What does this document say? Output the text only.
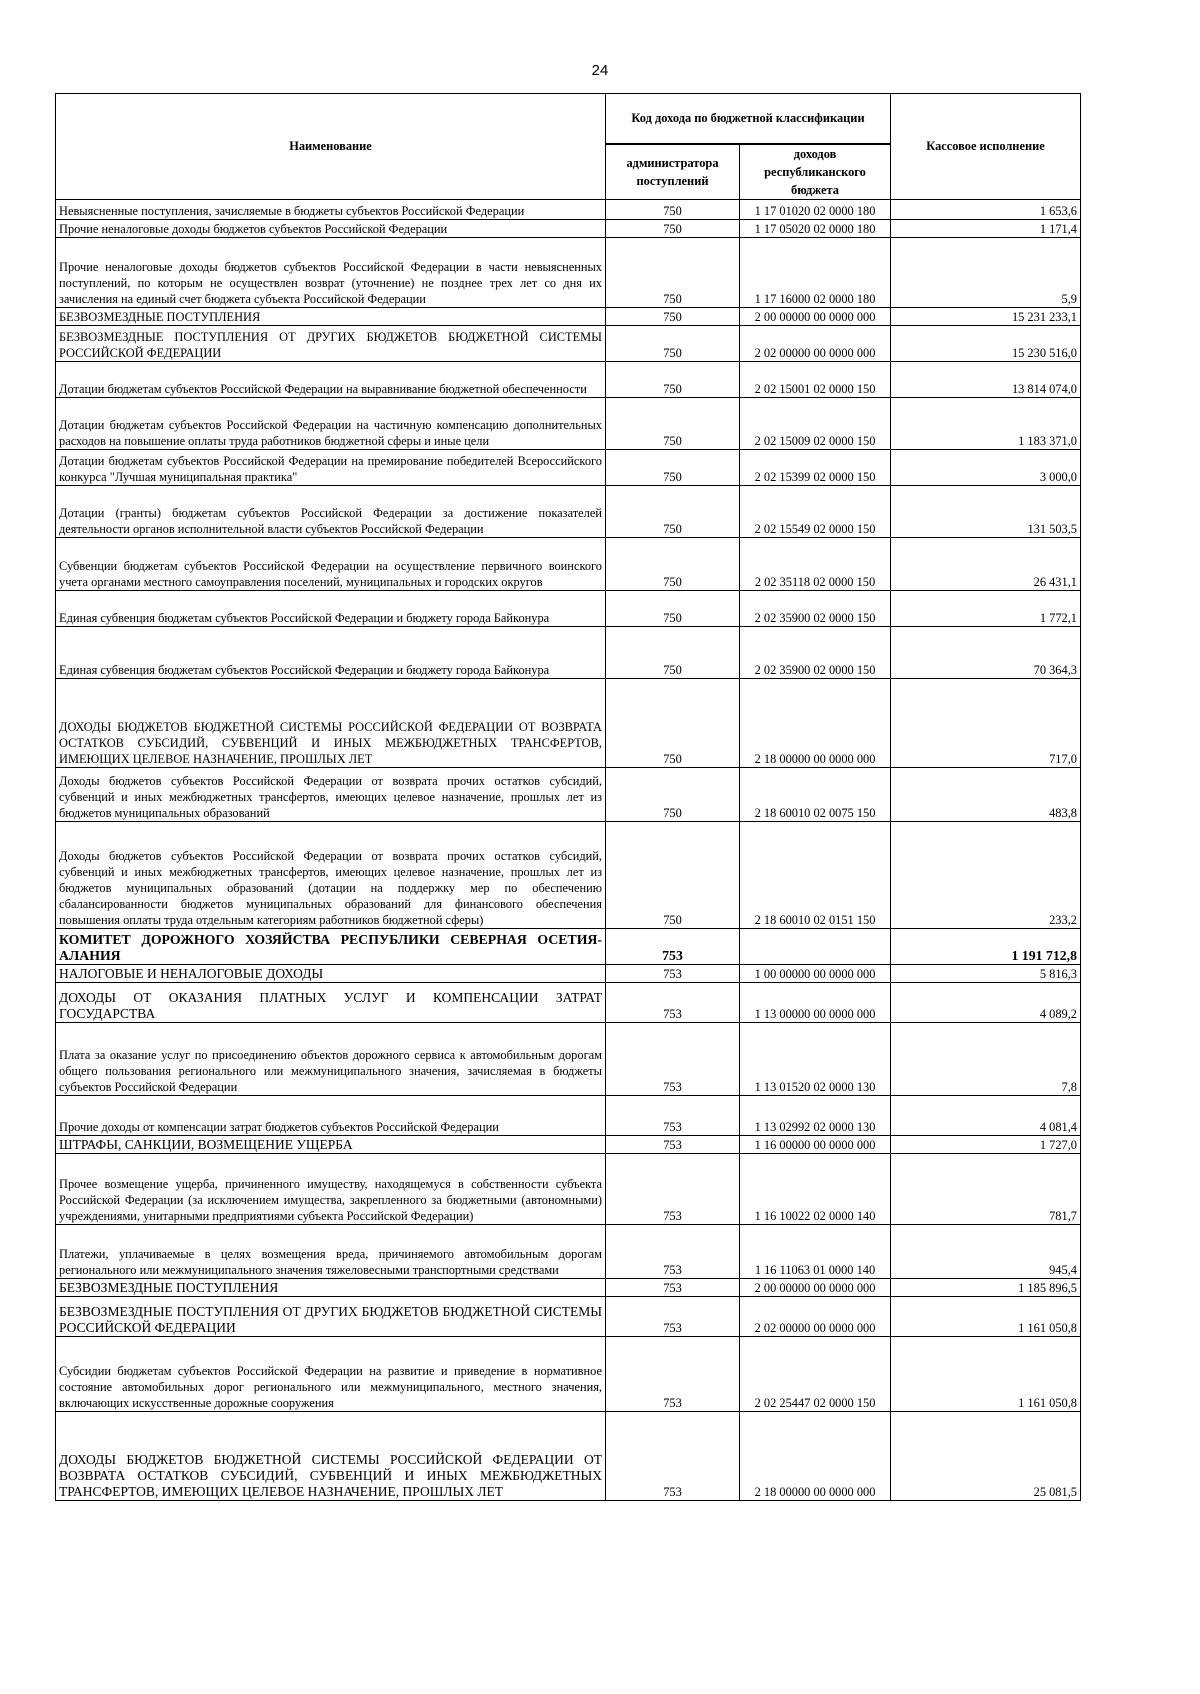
24
Наименование	Код дохода по бюджетной классификации		Кассовое исполнение
	администратора поступлений	доходов республиканского бюджета	
Невыясненные поступления, зачисляемые в бюджеты субъектов Российской Федерации	750	1 17 01020 02 0000 180	1 653,6
Прочие неналоговые доходы бюджетов субъектов Российской Федерации	750	1 17 05020 02 0000 180	1 171,4
Прочие неналоговые доходы бюджетов субъектов Российской Федерации в части невыясненных поступлений, по которым не осуществлен возврат (уточнение) не позднее трех лет со дня их зачисления на единый счет бюджета субъекта Российской Федерации	750	1 17 16000 02 0000 180	5,9
БЕЗВОЗМЕЗДНЫЕ ПОСТУПЛЕНИЯ	750	2 00 00000 00 0000 000	15 231 233,1
БЕЗВОЗМЕЗДНЫЕ ПОСТУПЛЕНИЯ ОТ ДРУГИХ БЮДЖЕТОВ БЮДЖЕТНОЙ СИСТЕМЫ РОССИЙСКОЙ ФЕДЕРАЦИИ	750	2 02 00000 00 0000 000	15 230 516,0
Дотации бюджетам субъектов Российской Федерации на выравнивание бюджетной обеспеченности	750	2 02 15001 02 0000 150	13 814 074,0
Дотации бюджетам субъектов Российской Федерации на частичную компенсацию дополнительных расходов на повышение оплаты труда работников бюджетной сферы и иные цели	750	2 02 15009 02 0000 150	1 183 371,0
Дотации бюджетам субъектов Российской Федерации на премирование победителей Всероссийского конкурса "Лучшая муниципальная практика"	750	2 02 15399 02 0000 150	3 000,0
Дотации (гранты) бюджетам субъектов Российской Федерации за достижение показателей деятельности органов исполнительной власти субъектов Российской Федерации	750	2 02 15549 02 0000 150	131 503,5
Субвенции бюджетам субъектов Российской Федерации на осуществление первичного воинского учета органами местного самоуправления поселений, муниципальных и городских округов	750	2 02 35118 02 0000 150	26 431,1
Единая субвенция бюджетам субъектов Российской Федерации и бюджету города Байконура	750	2 02 35900 02 0000 150	1 772,1
Единая субвенция бюджетам субъектов Российской Федерации и бюджету города Байконура	750	2 02 35900 02 0000 150	70 364,3
ДОХОДЫ БЮДЖЕТОВ БЮДЖЕТНОЙ СИСТЕМЫ РОССИЙСКОЙ ФЕДЕРАЦИИ ОТ ВОЗВРАТА ОСТАТКОВ СУБСИДИЙ, СУБВЕНЦИЙ И ИНЫХ МЕЖБЮДЖЕТНЫХ ТРАНСФЕРТОВ, ИМЕЮЩИХ ЦЕЛЕВОЕ НАЗНАЧЕНИЕ, ПРОШЛЫХ ЛЕТ	750	2 18 00000 00 0000 000	717,0
Доходы бюджетов субъектов Российской Федерации от возврата прочих остатков субсидий, субвенций и иных межбюджетных трансфертов, имеющих целевое назначение, прошлых лет из бюджетов муниципальных образований	750	2 18 60010 02 0075 150	483,8
Доходы бюджетов субъектов Российской Федерации от возврата прочих остатков субсидий, субвенций и иных межбюджетных трансфертов, имеющих целевое назначение, прошлых лет из бюджетов муниципальных образований (дотации на поддержку мер по обеспечению сбалансированности бюджетов муниципальных образований для финансового обеспечения повышения оплаты труда отдельным категориям работников бюджетной сферы)	750	2 18 60010 02 0151 150	233,2
КОМИТЕТ ДОРОЖНОГО ХОЗЯЙСТВА РЕСПУБЛИКИ СЕВЕРНАЯ ОСЕТИЯ-АЛАНИЯ	753		1 191 712,8
НАЛОГОВЫЕ И НЕНАЛОГОВЫЕ ДОХОДЫ	753	1 00 00000 00 0000 000	5 816,3
ДОХОДЫ ОТ ОКАЗАНИЯ ПЛАТНЫХ УСЛУГ И КОМПЕНСАЦИИ ЗАТРАТ ГОСУДАРСТВА	753	1 13 00000 00 0000 000	4 089,2
Плата за оказание услуг по присоединению объектов дорожного сервиса к автомобильным дорогам общего пользования регионального или межмуниципального значения, зачисляемая в бюджеты субъектов Российской Федерации	753	1 13 01520 02 0000 130	7,8
Прочие доходы от компенсации затрат бюджетов субъектов Российской Федерации	753	1 13 02992 02 0000 130	4 081,4
ШТРАФЫ, САНКЦИИ, ВОЗМЕЩЕНИЕ УЩЕРБА	753	1 16 00000 00 0000 000	1 727,0
Прочее возмещение ущерба, причиненного имуществу, находящемуся в собственности субъекта Российской Федерации (за исключением имущества, закрепленного за бюджетными (автономными) учреждениями, унитарными предприятиями субъекта Российской Федерации)	753	1 16 10022 02 0000 140	781,7
Платежи, уплачиваемые в целях возмещения вреда, причиняемого автомобильным дорогам регионального или межмуниципального значения тяжеловесными транспортными средствами	753	1 16 11063 01 0000 140	945,4
БЕЗВОЗМЕЗДНЫЕ ПОСТУПЛЕНИЯ	753	2 00 00000 00 0000 000	1 185 896,5
БЕЗВОЗМЕЗДНЫЕ ПОСТУПЛЕНИЯ ОТ ДРУГИХ БЮДЖЕТОВ БЮДЖЕТНОЙ СИСТЕМЫ РОССИЙСКОЙ ФЕДЕРАЦИИ	753	2 02 00000 00 0000 000	1 161 050,8
Субсидии бюджетам субъектов Российской Федерации на развитие и приведение в нормативное состояние автомобильных дорог регионального или межмуниципального, местного значения, включающих искусственные дорожные сооружения	753	2 02 25447 02 0000 150	1 161 050,8
ДОХОДЫ БЮДЖЕТОВ БЮДЖЕТНОЙ СИСТЕМЫ РОССИЙСКОЙ ФЕДЕРАЦИИ ОТ ВОЗВРАТА ОСТАТКОВ СУБСИДИЙ, СУБВЕНЦИЙ И ИНЫХ МЕЖБЮДЖЕТНЫХ ТРАНСФЕРТОВ, ИМЕЮЩИХ ЦЕЛЕВОЕ НАЗНАЧЕНИЕ, ПРОШЛЫХ ЛЕТ	753	2 18 00000 00 0000 000	25 081,5
